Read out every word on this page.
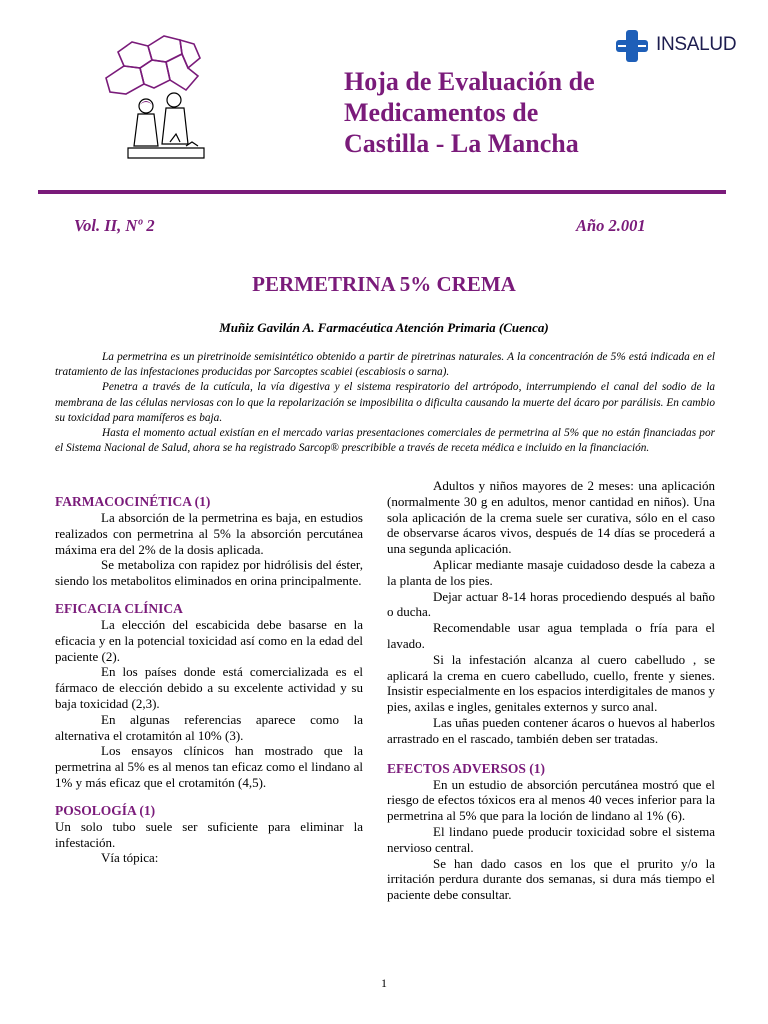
INSALUD
Hoja de Evaluación de
Medicamentos de
Castilla - La Mancha
Vol. II, Nº 2	Año 2.001
PERMETRINA 5% CREMA
Muñiz Gavilán A. Farmacéutica Atención Primaria (Cuenca)

La permetrina es un piretrinoide semisintético obtenido a partir de piretrinas naturales. A la concentración de 5% está indicada en el tratamiento de las infestaciones producidas por Sarcoptes scabiei (escabiosis o sarna).

Penetra a través de la cutícula, la vía digestiva y el sistema respiratorio del artrópodo, interrumpiendo el canal del sodio de la membrana de las células nerviosas con lo que la repolarización se imposibilita o dificulta causando la muerte del ácaro por parálisis. En cambio su toxicidad para mamíferos es baja.

Hasta el momento actual existían en el mercado varias presentaciones comerciales de permetrina al 5% que no están financiadas por el Sistema Nacional de Salud, ahora se ha registrado Sarcop® prescribible a través de receta médica e incluido en la financiación.

FARMACOCINÉTICA (1)

La absorción de la permetrina es baja, en estudios realizados con permetrina al 5% la absorción percutánea máxima era del 2% de la dosis aplicada.

Se metaboliza con rapidez por hidrólisis del éster, siendo los metabolitos eliminados en orina principalmente.

EFICACIA CLÍNICA

La elección del escabicida debe basarse en la eficacia y en la potencial toxicidad así como en la edad del paciente (2).

En los países donde está comercializada es el fármaco de elección debido a su excelente actividad y su baja toxicidad (2,3).

En algunas referencias aparece como la alternativa el crotamitón al 10% (3).

Los ensayos clínicos han mostrado que la permetrina al 5% es al menos tan eficaz como el lindano al 1% y más eficaz que el crotamitón (4,5).

POSOLOGÍA (1)

Un solo tubo suele ser suficiente para eliminar la infestación.

Vía tópica:

Adultos y niños mayores de 2 meses: una aplicación (normalmente 30 g en adultos, menor cantidad en niños). Una sola aplicación de la crema suele ser curativa, sólo en el caso de observarse ácaros vivos, después de 14 días se procederá a una segunda aplicación.

Aplicar mediante masaje cuidadoso desde la cabeza a la planta de los pies.

Dejar actuar 8-14 horas procediendo después al baño o ducha.

Recomendable usar agua templada o fría para el lavado.

Si la infestación alcanza al cuero cabelludo , se aplicará la crema en cuero cabelludo, cuello, frente y sienes. Insistir especialmente en los espacios interdigitales de manos y pies, axilas e ingles, genitales externos y surco anal.

Las uñas pueden contener ácaros o huevos al haberlos arrastrado en el rascado, también deben ser tratadas.

EFECTOS ADVERSOS (1)

En un estudio de absorción percutánea mostró que el riesgo de efectos tóxicos era al menos 40 veces inferior para la permetrina al 5% que para la loción de lindano al 1% (6).

El lindano puede producir toxicidad sobre el sistema nervioso central.

Se han dado casos en los que el prurito y/o la irritación perdura durante dos semanas, si dura más tiempo el paciente debe consultar.

1
